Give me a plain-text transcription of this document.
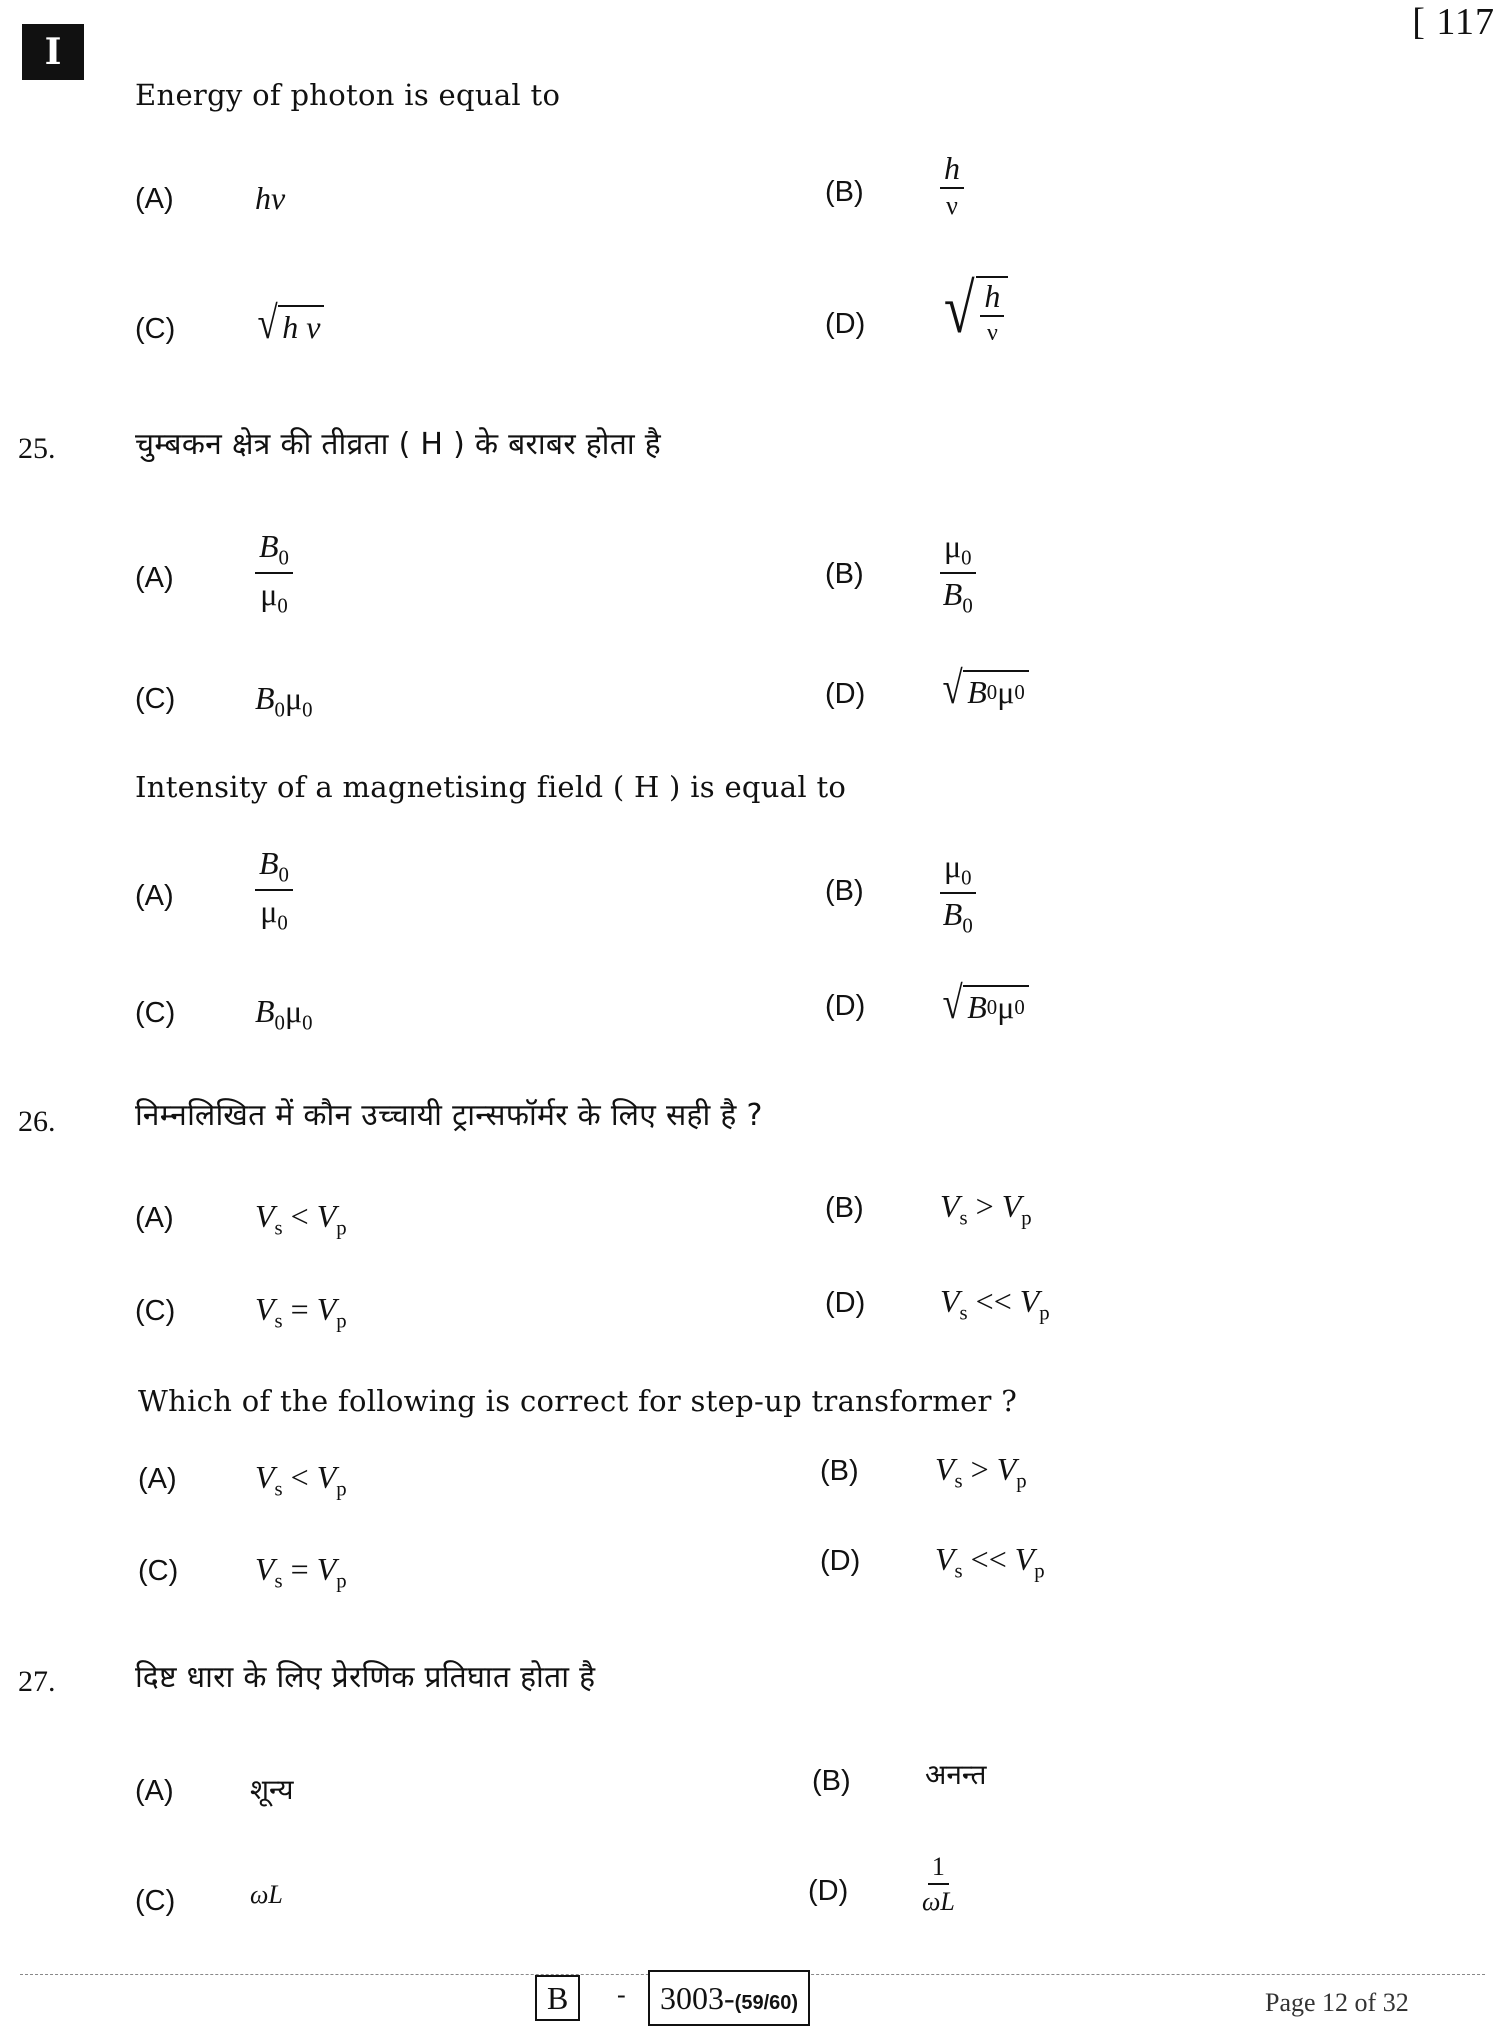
I
[ 117
Energy of photon is equal to
(A)	hν	$(B) \frac{h}{\nu}$
(C) √ h ν	(D) √ $\frac{h}{\nu}$
25.	चुम्बकन क्षेत्र की तीव्रता ( H ) के बराबर होता है
(A)	$\frac{B_0}{\mu_0}$	$(B) \frac{\mu_0}{B_0}$
(C) $B_0\mu_0$	(D) √ B 0 μ 0
Intensity of a magnetising field ( H ) is equal to
(A)	$\frac{B_0}{\mu_0}$	$(B) \frac{\mu_0}{B_0}$
(C) $B_0\mu_0$
(D) √ B 0 μ 0
26.	निम्नलिखित में कौन उच्चायी ट्रान्सफॉर्मर के लिए सही है ?
(A)	$V_s < V_p$
(B) $V_s > V_p$
(C) $V_s = V_p$
(D) $V_s << V_p$
Which of the following is correct for step-up transformer ?
(A) $V_s < V_p$
(B) $V_s > V_p$
(C) $V_s = V_p$
(D) $V_s << V_p$
27.	दिष्ट धारा के लिए प्रेरणिक प्रतिघात होता है
(A)	शून्य	(B)	अनन्त
(C)	ωL	(D)	$\frac{1}{\omega L}$
B	-	3003-(59/60)	Page 12 of 32
